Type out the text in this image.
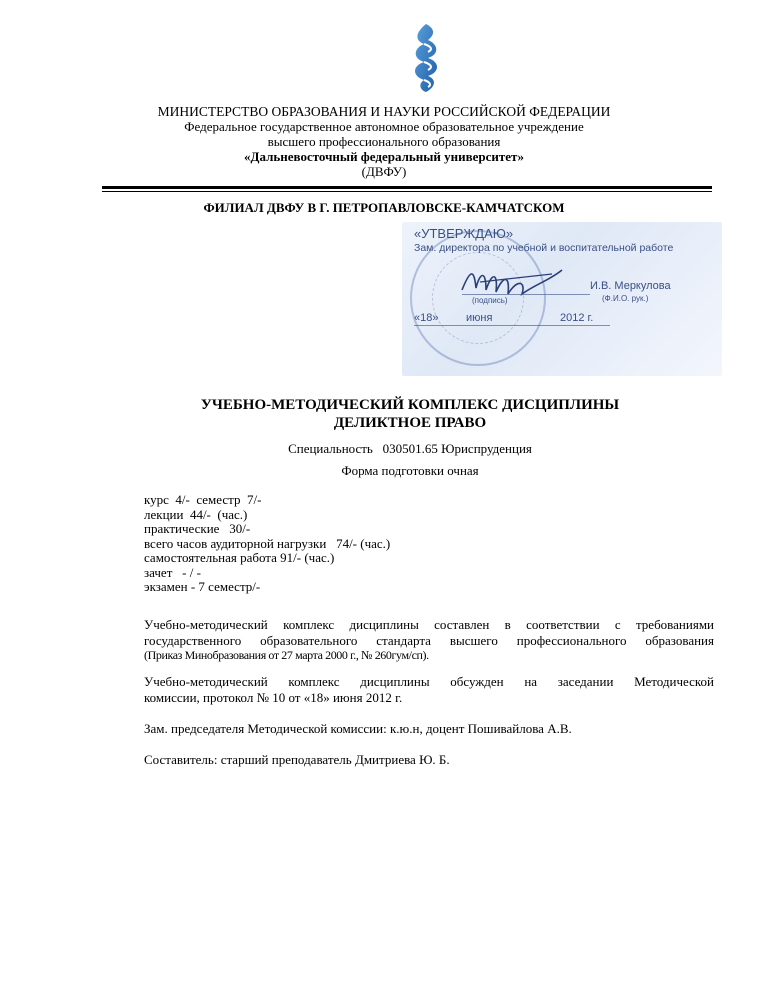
МИНИСТЕРСТВО ОБРАЗОВАНИЯ И НАУКИ РОССИЙСКОЙ ФЕДЕРАЦИИ
Федеральное государственное автономное образовательное учреждение
высшего профессионального образования
«Дальневосточный федеральный университет»
(ДВФУ)
ФИЛИАЛ ДВФУ В Г. ПЕТРОПАВЛОВСКЕ-КАМЧАТСКОМ
«УТВЕРЖДАЮ»
Зам. директора по учебной и воспитательной работе
(подпись)
И.В. Меркулова
(Ф.И.О. рук.)
«18»	июня	2012 г.
УЧЕБНО-МЕТОДИЧЕСКИЙ КОМПЛЕКС ДИСЦИПЛИНЫ
ДЕЛИКТНОЕ ПРАВО
Специальность   030501.65 Юриспруденция
Форма подготовки очная
курс  4/-  семестр  7/-
лекции  44/-  (час.)
практические   30/-
всего часов аудиторной нагрузки   74/- (час.)
самостоятельная работа 91/- (час.)
зачет   - / -
экзамен - 7 семестр/-
Учебно-методический комплекс дисциплины составлен в соответствии с требованиями
государственного образовательного стандарта высшего профессионального образования
(Приказ Минобразования от 27 марта 2000 г., № 260гум/сп).
Учебно-методический комплекс дисциплины обсужден на заседании Методической
комиссии, протокол № 10 от «18» июня 2012 г.
Зам. председателя Методической комиссии: к.ю.н, доцент Пошивайлова А.В.
Составитель: старший преподаватель Дмитриева Ю. Б.
